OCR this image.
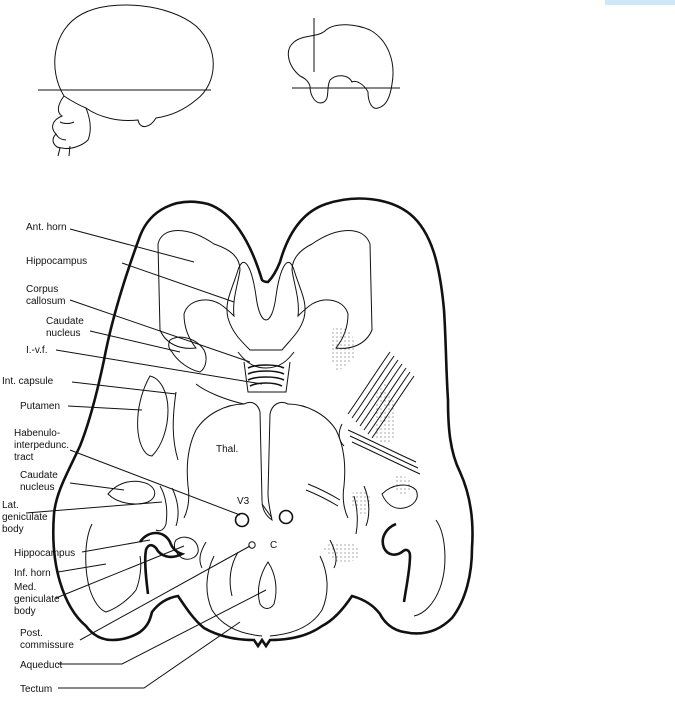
Ant. horn
Hippocampus
Corpus
callosum
Caudate
nucleus
I.-v.f.
Int. capsule
Putamen
Habenulo-
interpedunc.
tract
Caudate
nucleus
Lat.
geniculate
body
Hippocampus
Inf. horn
Med.
geniculate
body
Post.
commissure
Aqueduct
Tectum
Thal.
V3
C
